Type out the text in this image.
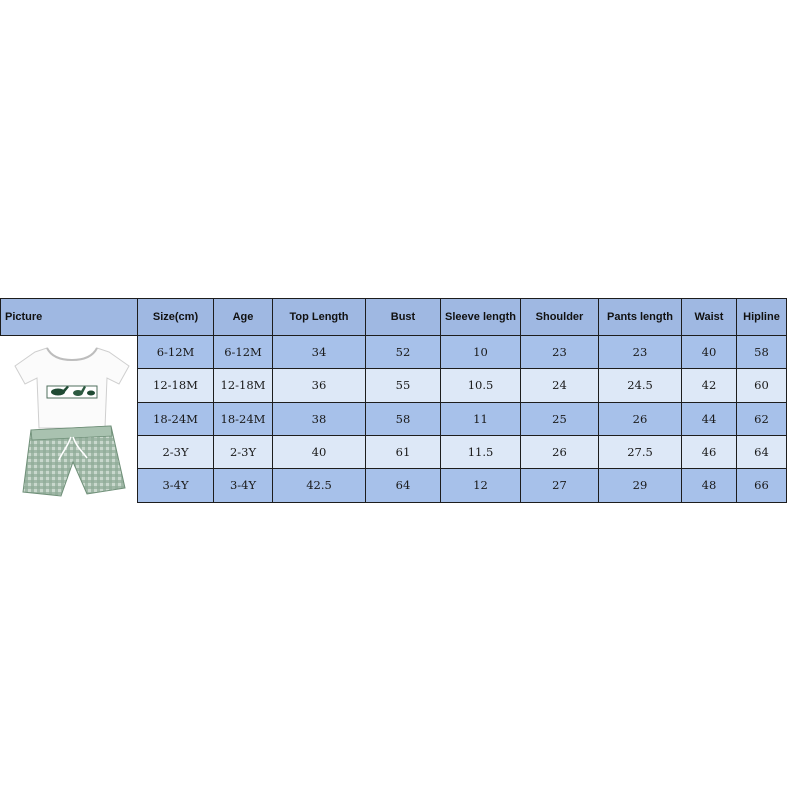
Picture	Size(cm)	Age	Top Length	Bust	Sleeve length	Shoulder	Pants length	Waist	Hipline

	6-12M	6-12M	34	52	10	23	23	40	58
	12-18M	12-18M	36	55	10.5	24	24.5	42	60
	18-24M	18-24M	38	58	11	25	26	44	62
	2-3Y	2-3Y	40	61	11.5	26	27.5	46	64
	3-4Y	3-4Y	42.5	64	12	27	29	48	66
